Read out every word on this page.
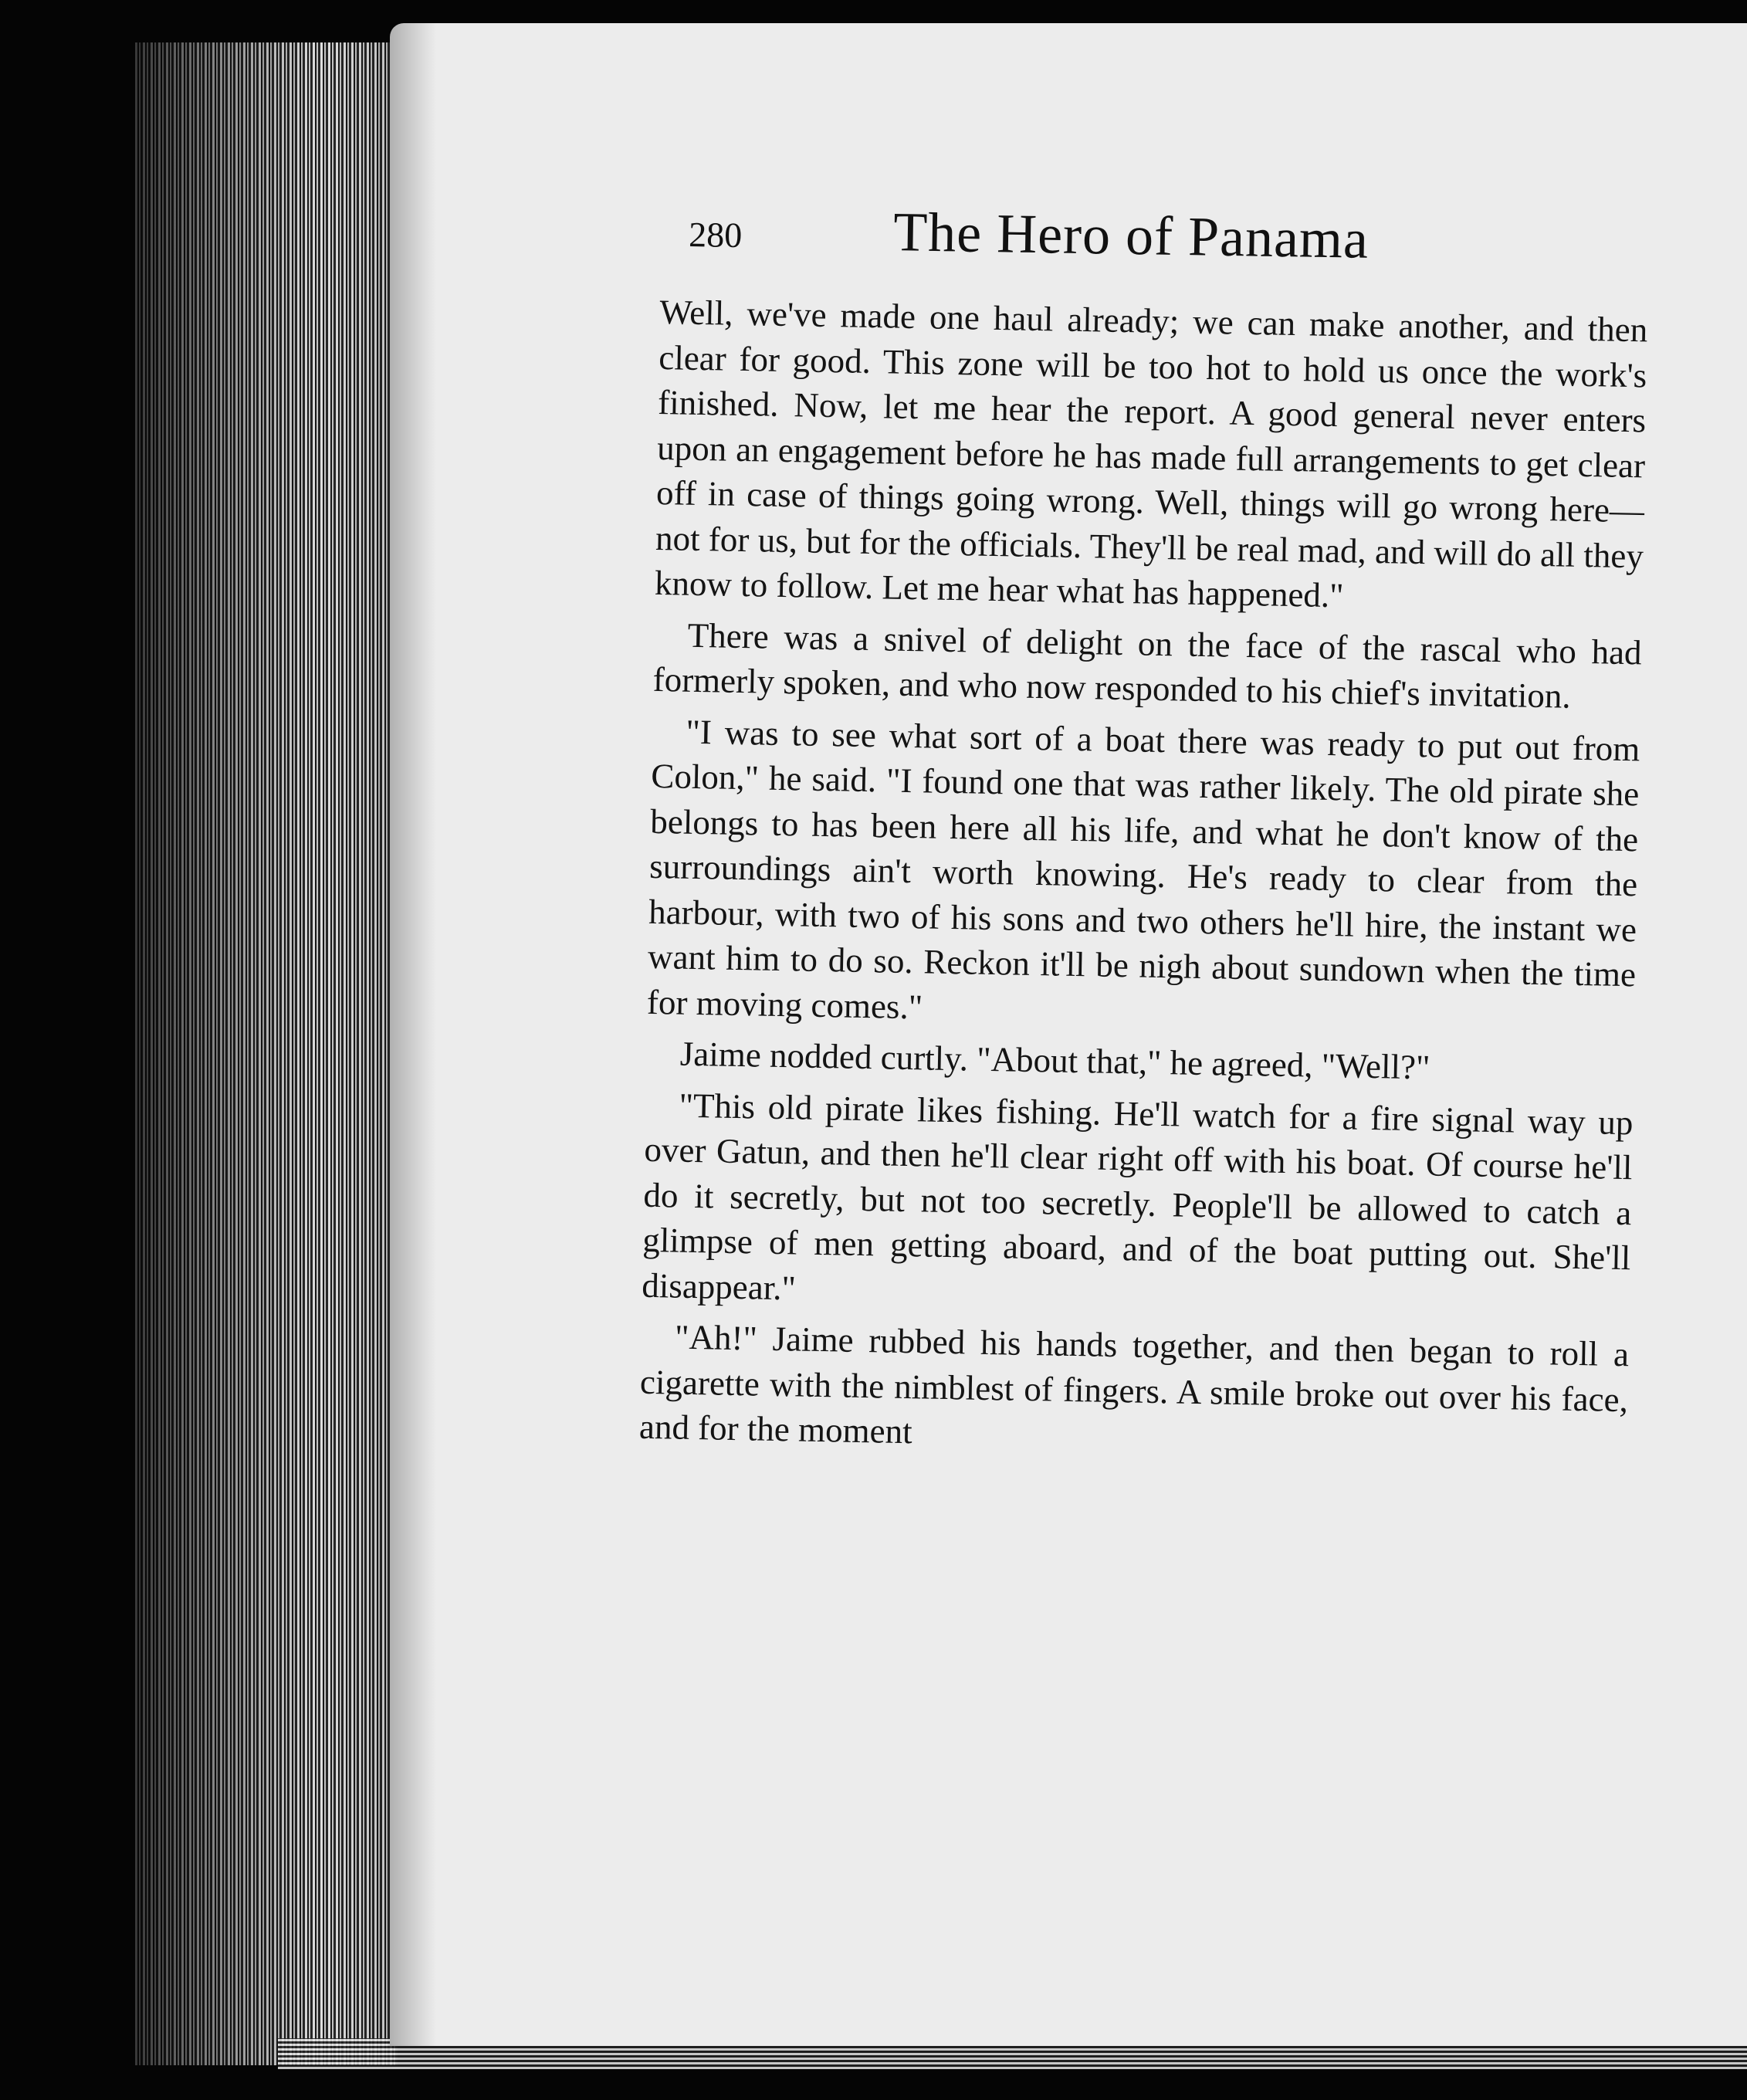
280	The Hero of Panama

Well, we've made one haul already; we can make another, and then clear for good. This zone will be too hot to hold us once the work's finished. Now, let me hear the report. A good general never enters upon an engagement before he has made full arrangements to get clear off in case of things going wrong. Well, things will go wrong here—not for us, but for the officials. They'll be real mad, and will do all they know to follow. Let me hear what has happened."

There was a snivel of delight on the face of the rascal who had formerly spoken, and who now responded to his chief's invitation.

"I was to see what sort of a boat there was ready to put out from Colon," he said. "I found one that was rather likely. The old pirate she belongs to has been here all his life, and what he don't know of the surroundings ain't worth knowing. He's ready to clear from the harbour, with two of his sons and two others he'll hire, the instant we want him to do so. Reckon it'll be nigh about sundown when the time for moving comes."

Jaime nodded curtly. "About that," he agreed, "Well?"

"This old pirate likes fishing. He'll watch for a fire signal way up over Gatun, and then he'll clear right off with his boat. Of course he'll do it secretly, but not too secretly. People'll be allowed to catch a glimpse of men getting aboard, and of the boat putting out. She'll disappear."

"Ah!" Jaime rubbed his hands together, and then began to roll a cigarette with the nimblest of fingers. A smile broke out over his face, and for the moment
